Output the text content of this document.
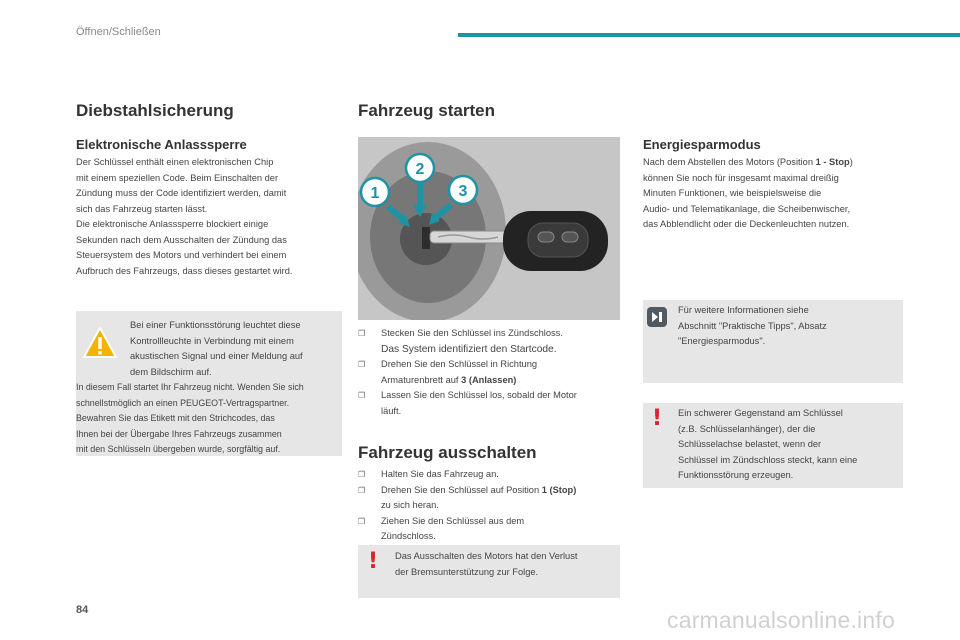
Öffnen/Schließen
Diebstahlsicherung
Elektronische Anlasssperre
Der Schlüssel enthält einen elektronischen Chip
mit einem speziellen Code. Beim Einschalten der
Zündung muss der Code identifiziert werden, damit
sich das Fahrzeug starten lässt.
Die elektronische Anlasssperre blockiert einige
Sekunden nach dem Ausschalten der Zündung das
Steuersystem des Motors und verhindert bei einem
Aufbruch des Fahrzeugs, dass dieses gestartet wird.
Bei einer Funktionsstörung leuchtet diese
Kontrollleuchte in Verbindung mit einem
akustischen Signal und einer Meldung auf
dem Bildschirm auf.
In diesem Fall startet Ihr Fahrzeug nicht. Wenden Sie sich
schnellstmöglich an einen PEUGEOT-Vertragspartner.
Bewahren Sie das Etikett mit den Strichcodes, das
Ihnen bei der Übergabe Ihres Fahrzeugs zusammen
mit den Schlüsseln übergeben wurde, sorgfältig auf.
Fahrzeug starten
1
2
3
❒ Stecken Sie den Schlüssel ins Zündschloss.
Das System identifiziert den Startcode.
❒ Drehen Sie den Schlüssel in Richtung
Armaturenbrett auf 3 (Anlassen)
❒ Lassen Sie den Schlüssel los, sobald der Motor
läuft.
Fahrzeug ausschalten
❒ Halten Sie das Fahrzeug an.
❒ Drehen Sie den Schlüssel auf Position 1 (Stop)
zu sich heran.
❒ Ziehen Sie den Schlüssel aus dem
Zündschloss.
! Das Ausschalten des Motors hat den Verlust
der Bremsunterstützung zur Folge.
Energiesparmodus
Nach dem Abstellen des Motors (Position 1 - Stop)
können Sie noch für insgesamt maximal dreißig
Minuten Funktionen, wie beispielsweise die
Audio- und Telematikanlage, die Scheibenwischer,
das Abblendlicht oder die Deckenleuchten nutzen.
Für weitere Informationen siehe
Abschnitt "Praktische Tipps", Absatz
"Energiesparmodus".
! Ein schwerer Gegenstand am Schlüssel
(z.B. Schlüsselanhänger), der die
Schlüsselachse belastet, wenn der
Schlüssel im Zündschloss steckt, kann eine
Funktionsstörung erzeugen.
84	carmanualsonline.info
